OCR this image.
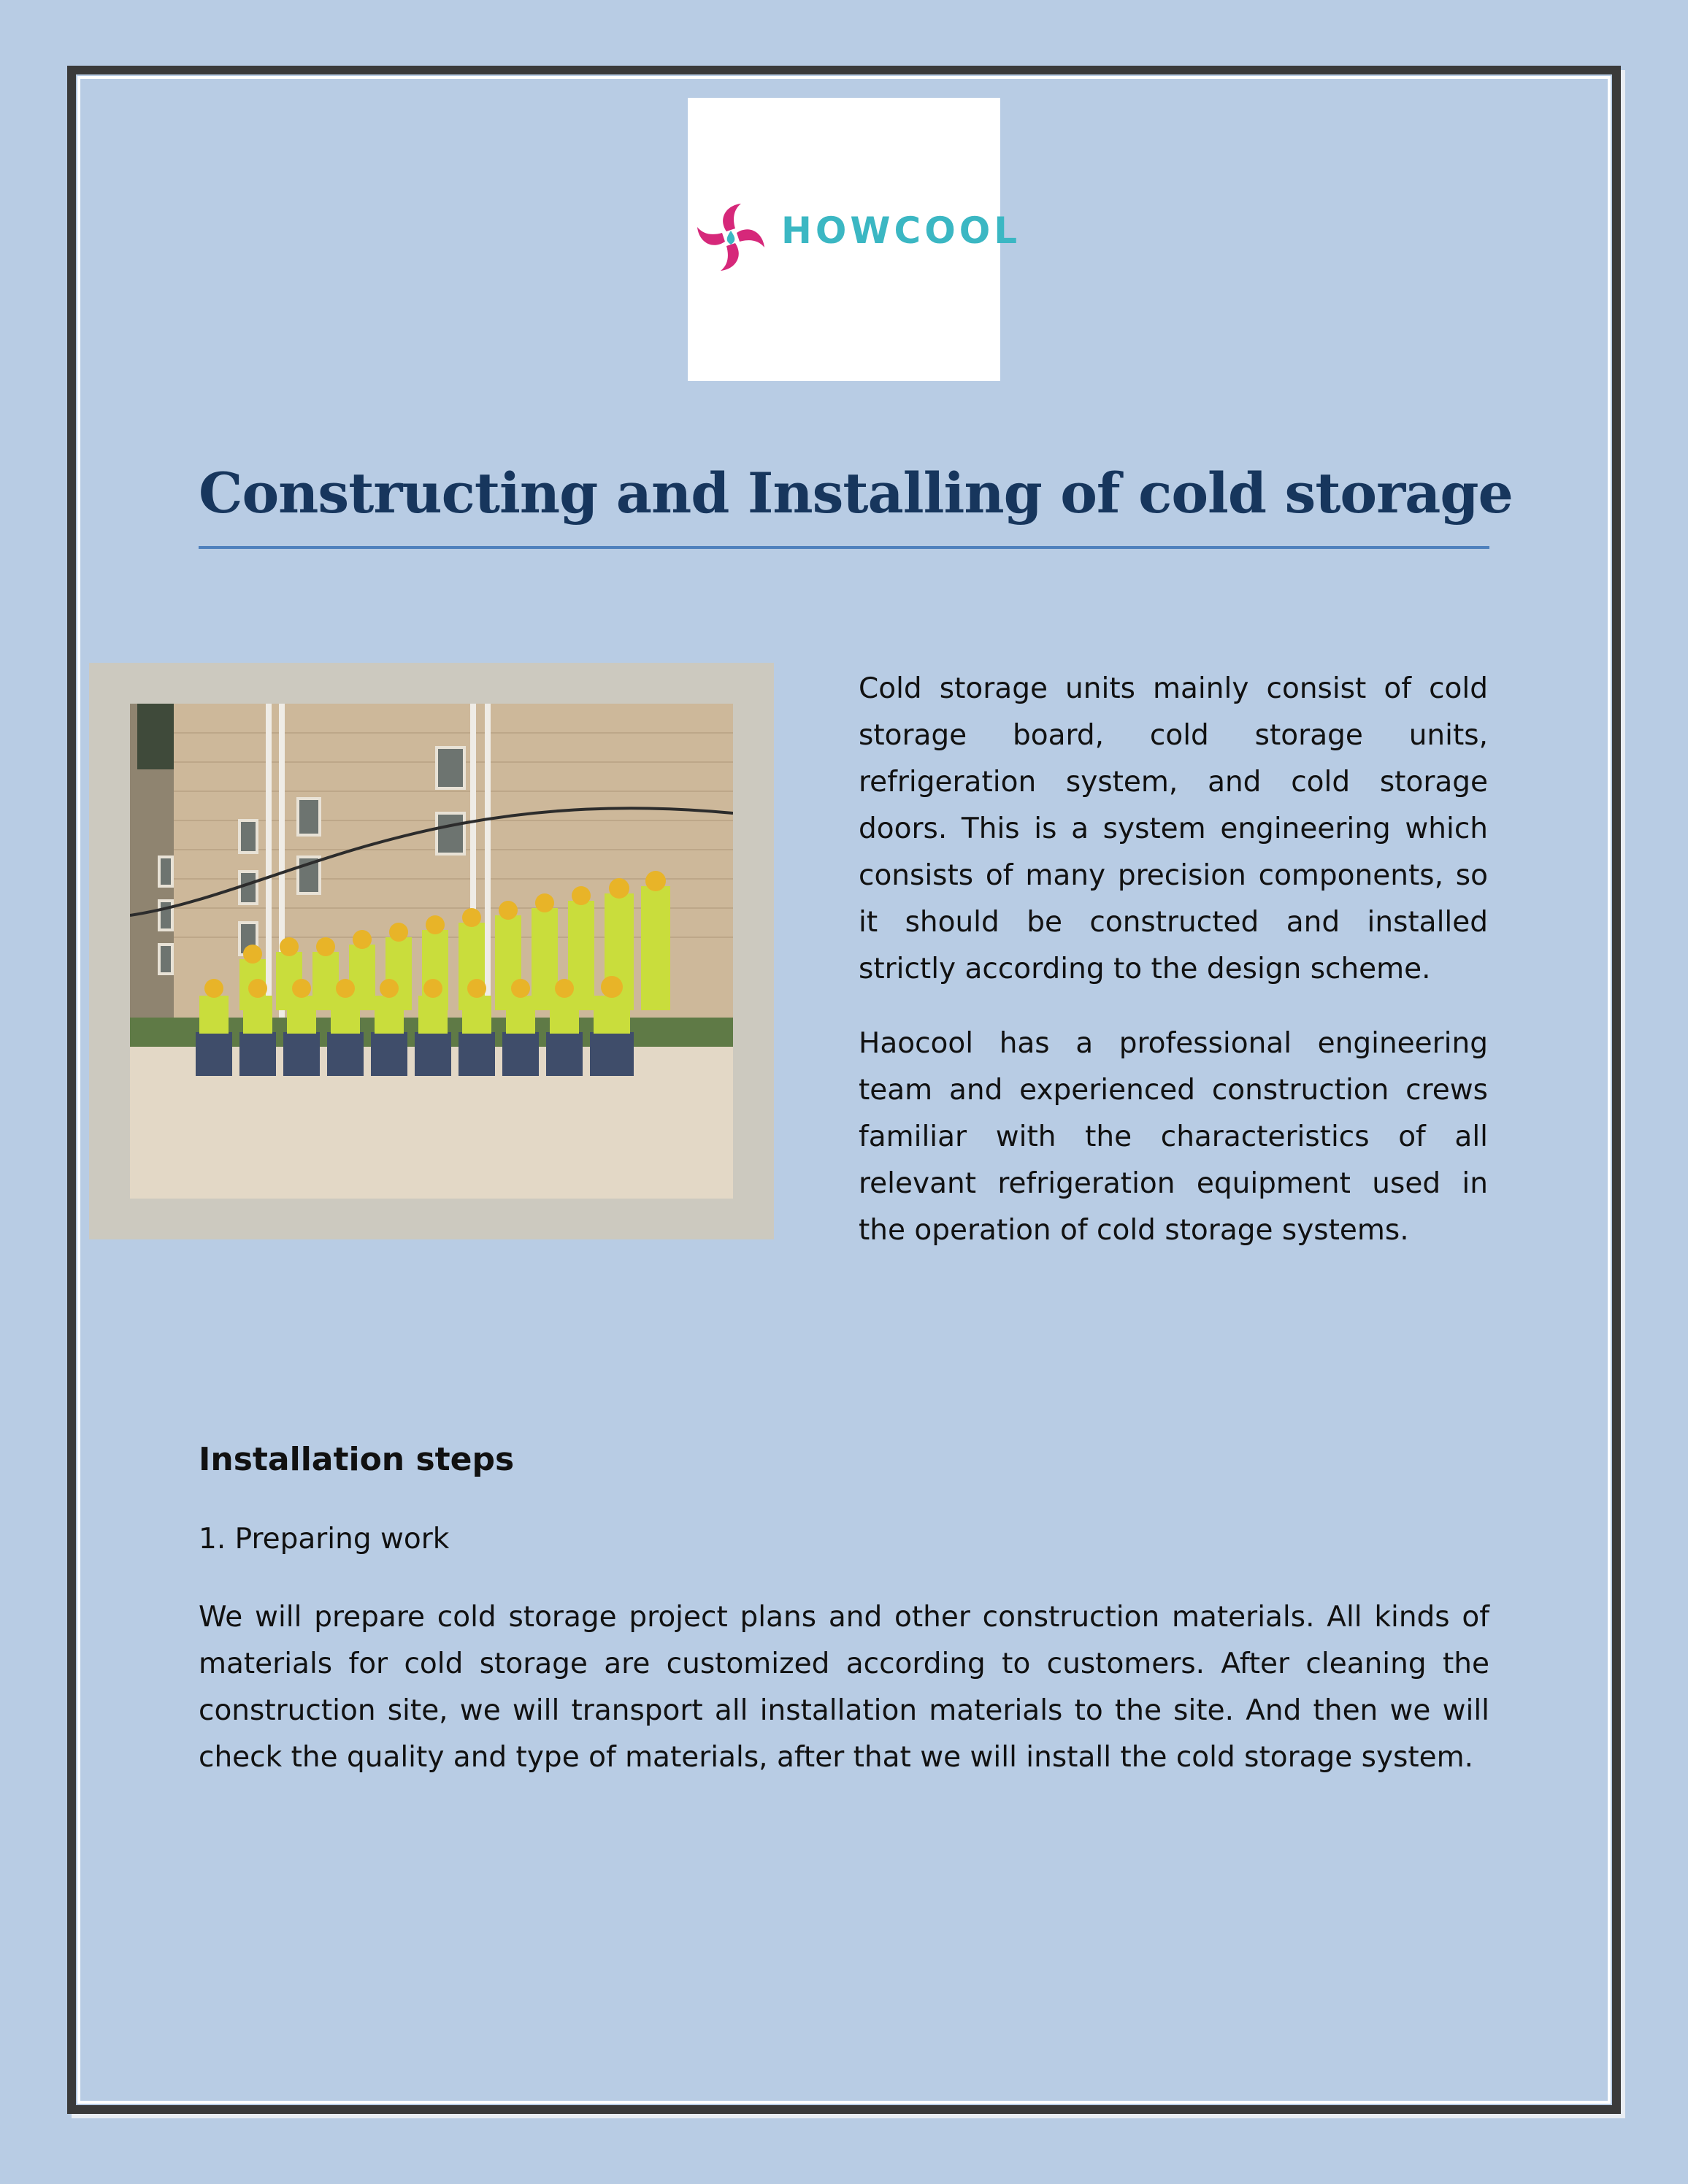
HOWCOOL
Constructing and Installing of cold storage

Cold storage units mainly consist of cold storage board, cold storage units, refrigeration system, and cold storage doors. This is a system engineering which consists of many precision components, so it should be constructed and installed strictly according to the design scheme.

Haocool has a professional engineering team and experienced construction crews familiar with the characteristics of all relevant refrigeration equipment used in the operation of cold storage systems.

Installation steps

1. Preparing work

We will prepare cold storage project plans and other construction materials. All kinds of materials for cold storage are customized according to customers. After cleaning the construction site, we will transport all installation materials to the site. And then we will check the quality and type of materials, after that we will install the cold storage system.
